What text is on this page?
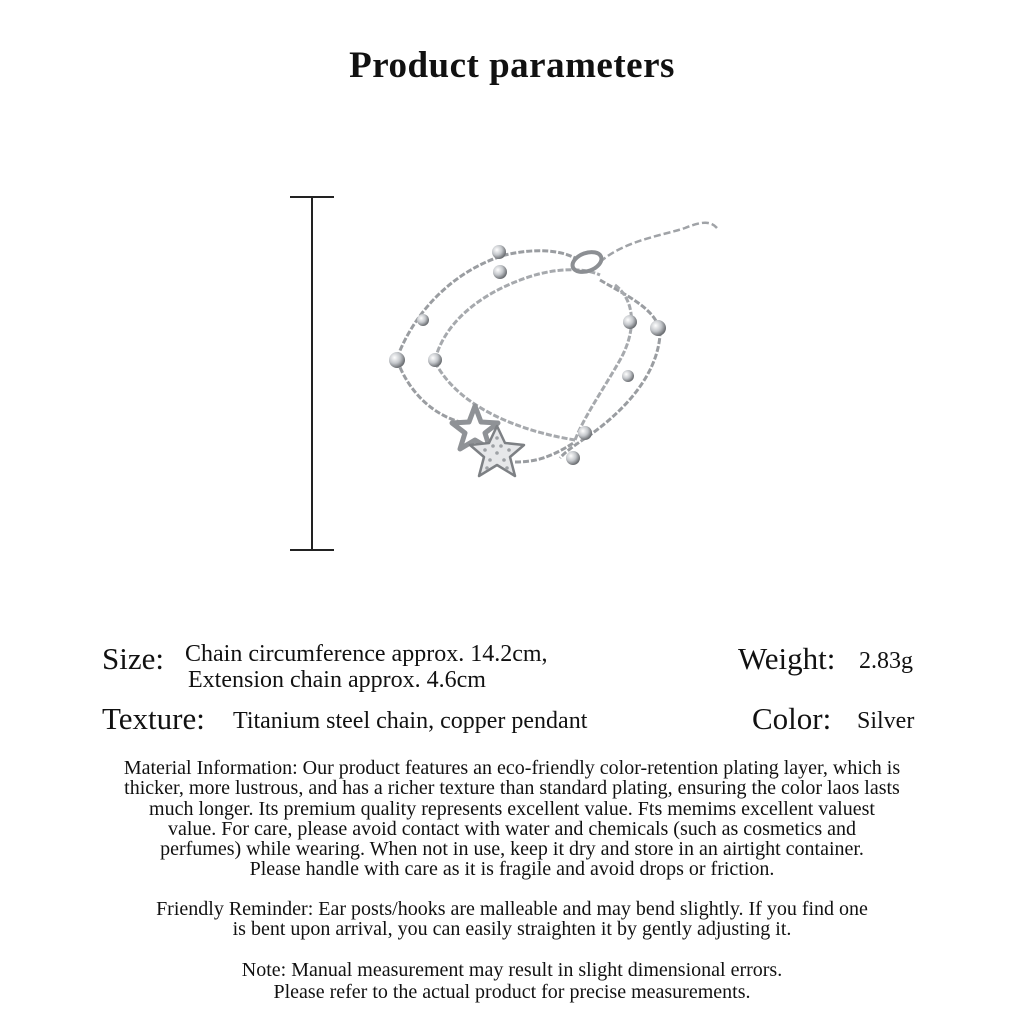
Product parameters
Size: Chain circumference approx. 14.2cm,
Extension chain approx. 4.6cm
Weight: 2.83g
Texture: Titanium steel chain, copper pendant	Color: Silver
Material Information: Our product features an eco-friendly color-retention plating layer, which is
thicker, more lustrous, and has a richer texture than standard plating, ensuring the color laos lasts
much longer. Its premium quality represents excellent value. Fts memims excellent valuest
value. For care, please avoid contact with water and chemicals (such as cosmetics and
perfumes) while wearing. When not in use, keep it dry and store in an airtight container.
Please handle with care as it is fragile and avoid drops or friction.
Friendly Reminder: Ear posts/hooks are malleable and may bend slightly. If you find one
is bent upon arrival, you can easily straighten it by gently adjusting it.
Note: Manual measurement may result in slight dimensional errors.
Please refer to the actual product for precise measurements.
